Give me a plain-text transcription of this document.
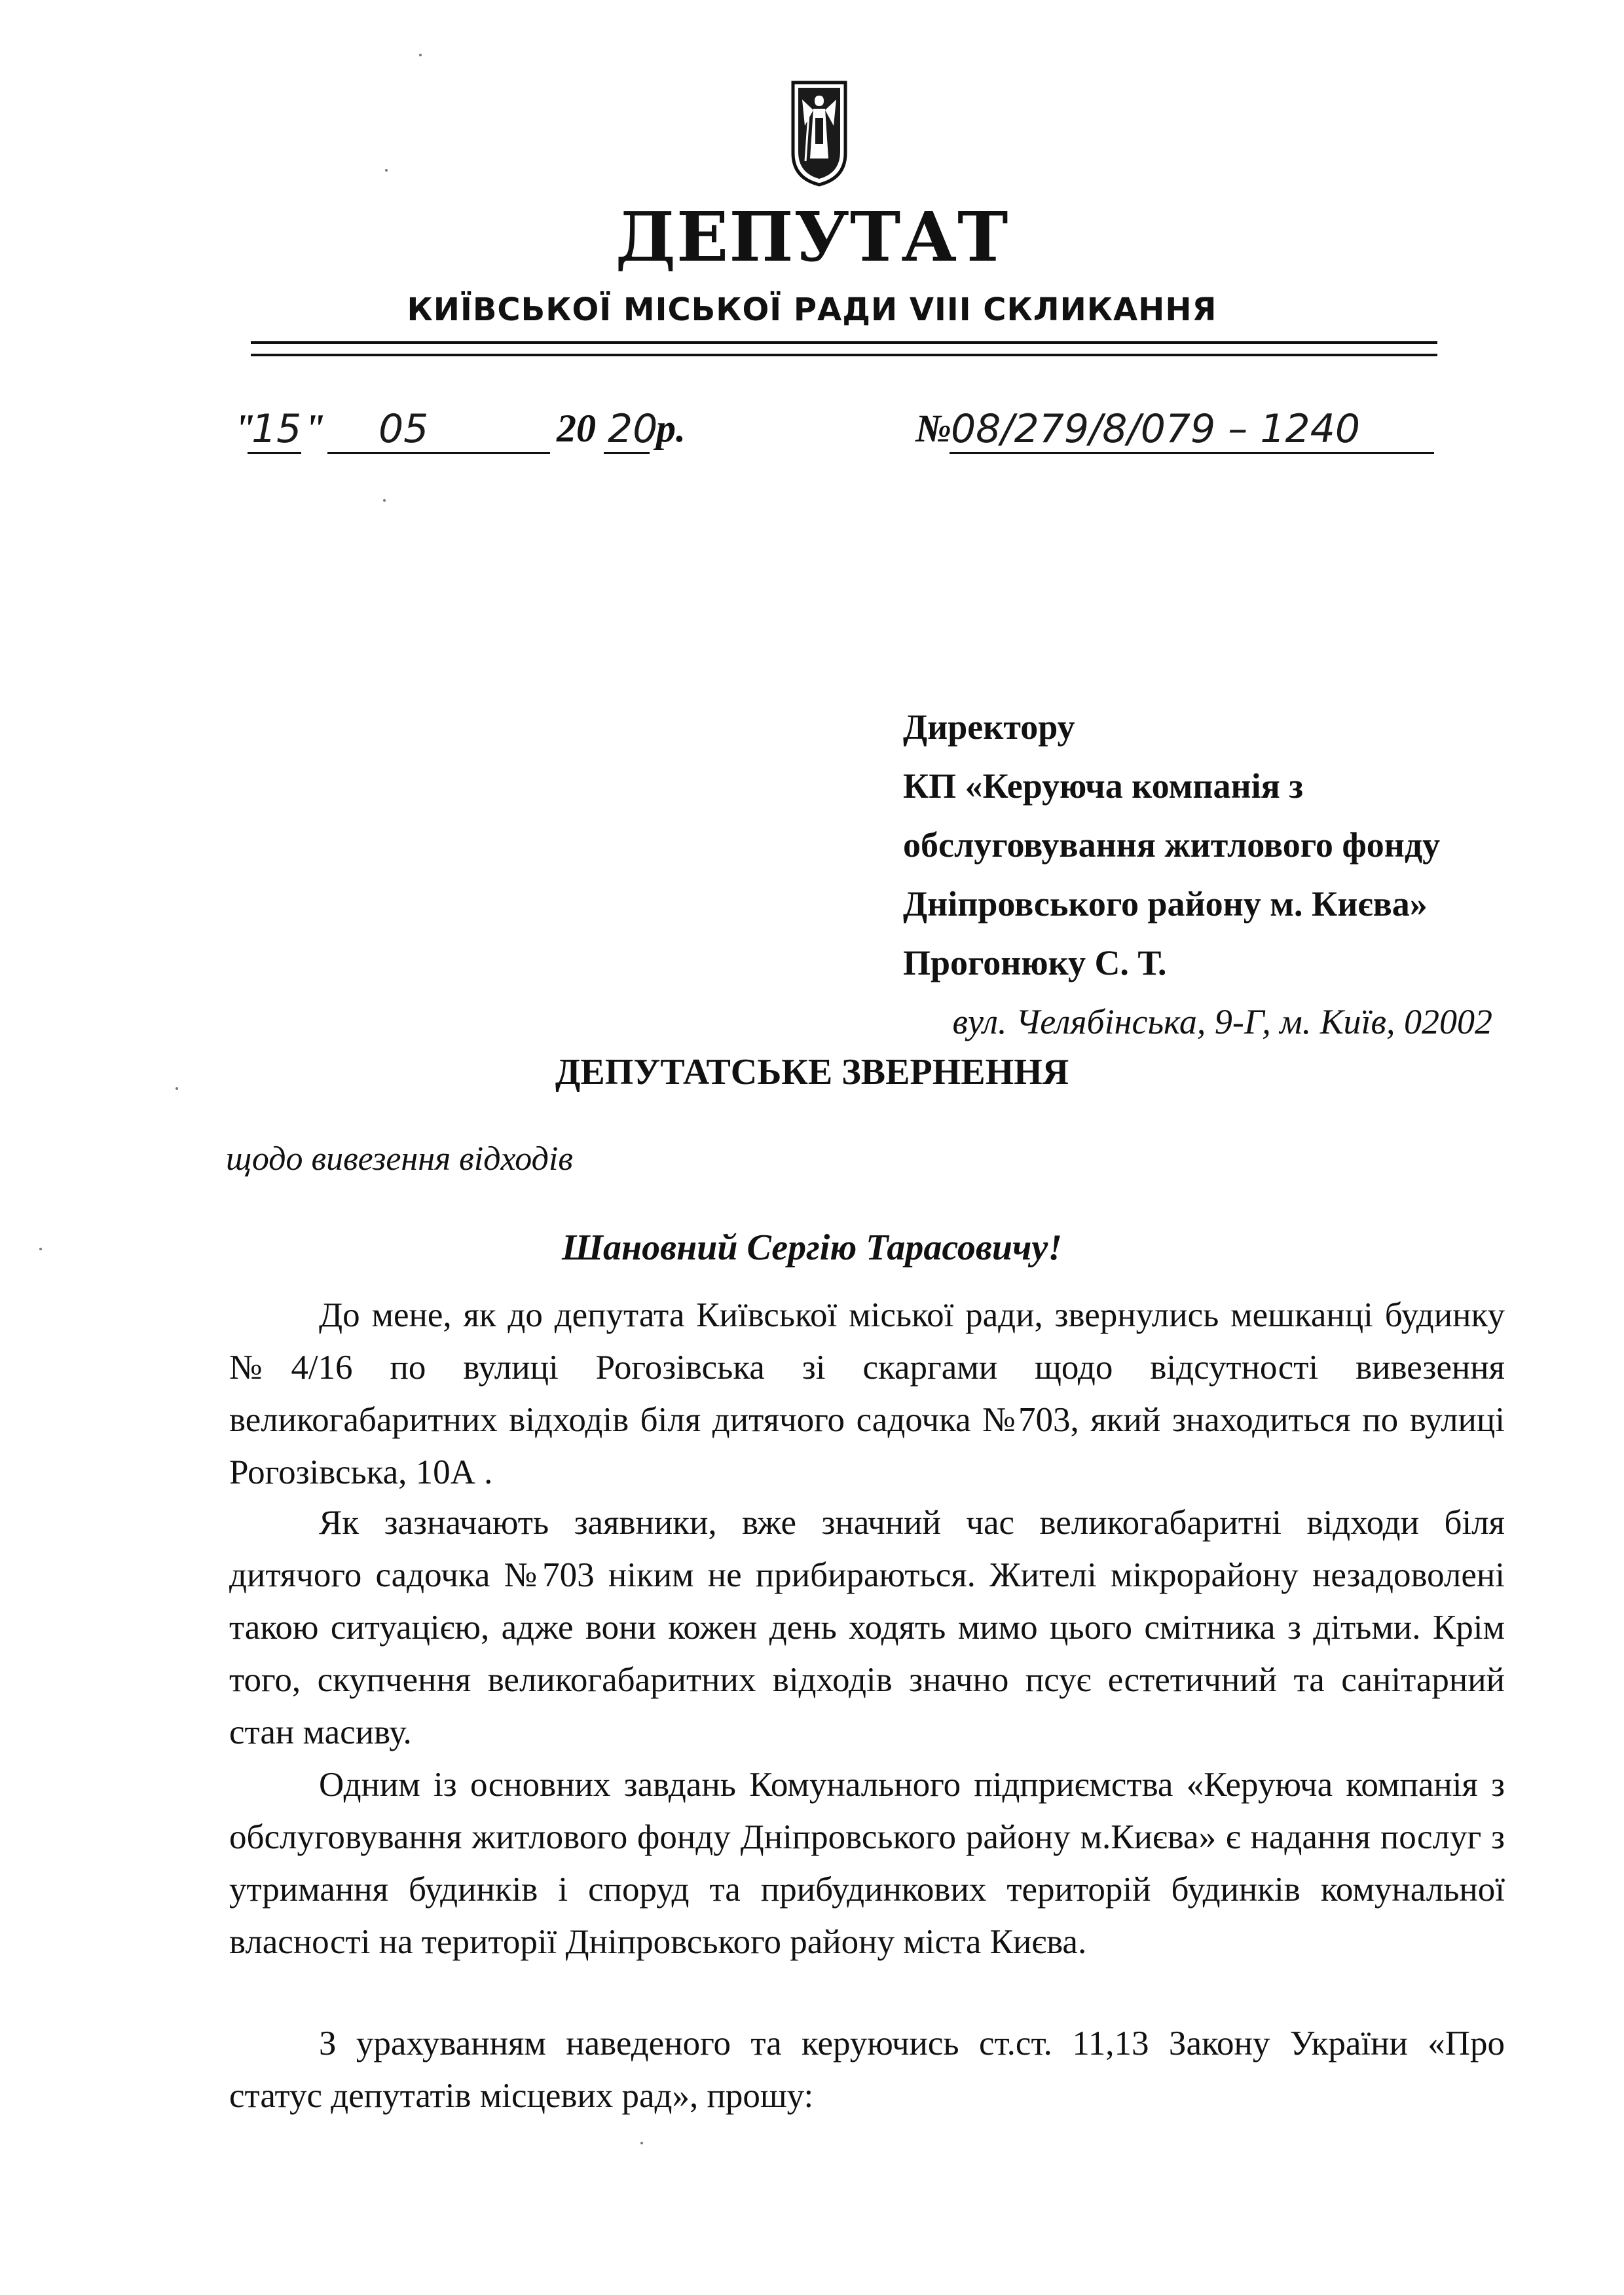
ДЕПУТАТ
КИЇВСЬКОЇ МІСЬКОЇ РАДИ VIII СКЛИКАННЯ
"
15 " 05	20 20
р.	№ 08/279/8/079 – 1240
Директору
КП «Керуюча компанія з
обслуговування житлового фонду
Дніпровського району м. Києва»
Прогонюку С. Т.
вул. Челябінська, 9-Г, м. Київ, 02002
ДЕПУТАТСЬКЕ ЗВЕРНЕННЯ
щодо вивезення відходів
Шановний Сергію Тарасовичу!
До мене, як до депутата Київської міської ради, звернулись мешканці будинку №4/16 по вулиці Рогозівська зі скаргами щодо відсутності вивезення великогабаритних відходів біля дитячого садочка №703, який знаходиться по вулиці Рогозівська, 10А .
Як зазначають заявники, вже значний час великогабаритні відходи біля дитячого садочка №703 ніким не прибираються. Жителі мікрорайону незадоволені такою ситуацією, адже вони кожен день ходять мимо цього смітника з дітьми. Крім того, скупчення великогабаритних відходів значно псує естетичний та санітарний стан масиву.
Одним із основних завдань Комунального підприємства «Керуюча компанія з обслуговування житлового фонду Дніпровського району м.Києва» є надання послуг з утримання будинків і споруд та прибудинкових територій будинків комунальної власності на території Дніпровського району міста Києва.
З урахуванням наведеного та керуючись ст.ст. 11,13 Закону України «Про статус депутатів місцевих рад», прошу:
